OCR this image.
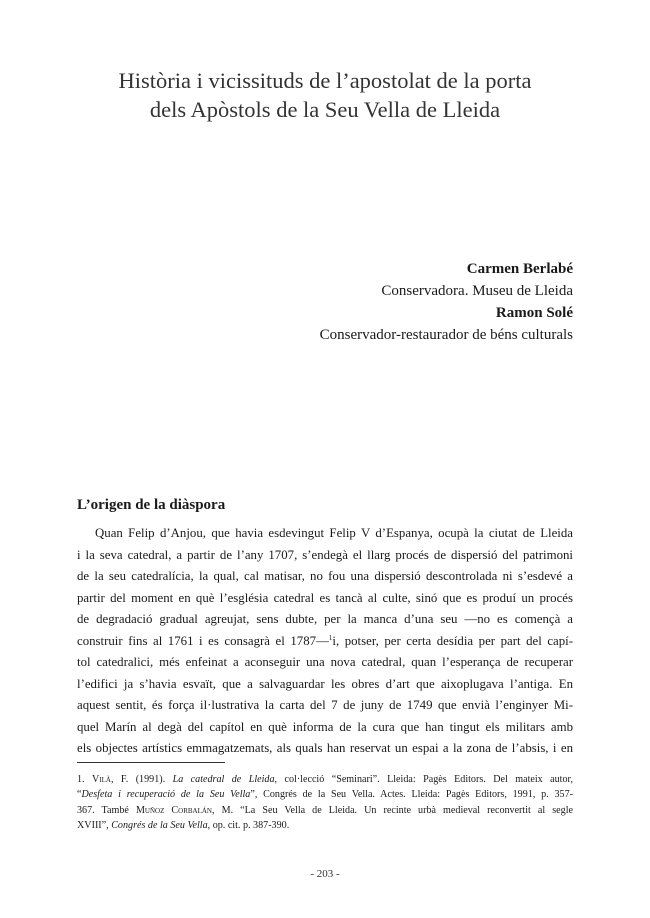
Història i vicissituds de l’apostolat de la porta
dels Apòstols de la Seu Vella de Lleida
Carmen Berlabé
Conservadora. Museu de Lleida
Ramon Solé
Conservador-restaurador de béns culturals
L’origen de la diàspora
Quan Felip d’Anjou, que havia esdevingut Felip V d’Espanya, ocupà la ciutat de Lleida
i la seva catedral, a partir de l’any 1707, s’endegà el llarg procés de dispersió del patrimoni
de la seu catedralícia, la qual, cal matisar, no fou una dispersió descontrolada ni s’esdevé a
partir del moment en què l’església catedral es tancà al culte, sinó que es produí un procés
de degradació gradual agreujat, sens dubte, per la manca d’una seu —no es començà a
construir fins al 1761 i es consagrà el 1787—$^1$i, potser, per certa desídia per part del capí-
tol catedralici, més enfeinat a aconseguir una nova catedral, quan l’esperança de recuperar
l’edifici ja s’havia esvaït, que a salvaguardar les obres d’art que aixoplugava l’antiga. En
aquest sentit, és força il·lustrativa la carta del 7 de juny de 1749 que envià l’enginyer Mi-
quel Marín al degà del capítol en què informa de la cura que han tingut els militars amb
els objectes artístics emmagatzemats, als quals han reservat un espai a la zona de l’absis, i en
1. Vilà, F. (1991). La catedral de Lleida, col·lecció “Seminari”. Lleida: Pagès Editors. Del mateix autor,
“Desfeta i recuperació de la Seu Vella”, Congrés de la Seu Vella. Actes. Lleida: Pagès Editors, 1991, p. 357-
367. També Muñoz Corbalán, M. “La Seu Vella de Lleida. Un recinte urbà medieval reconvertit al segle
XVIII”, Congrés de la Seu Vella, op. cit. p. 387-390.
- 203 -
